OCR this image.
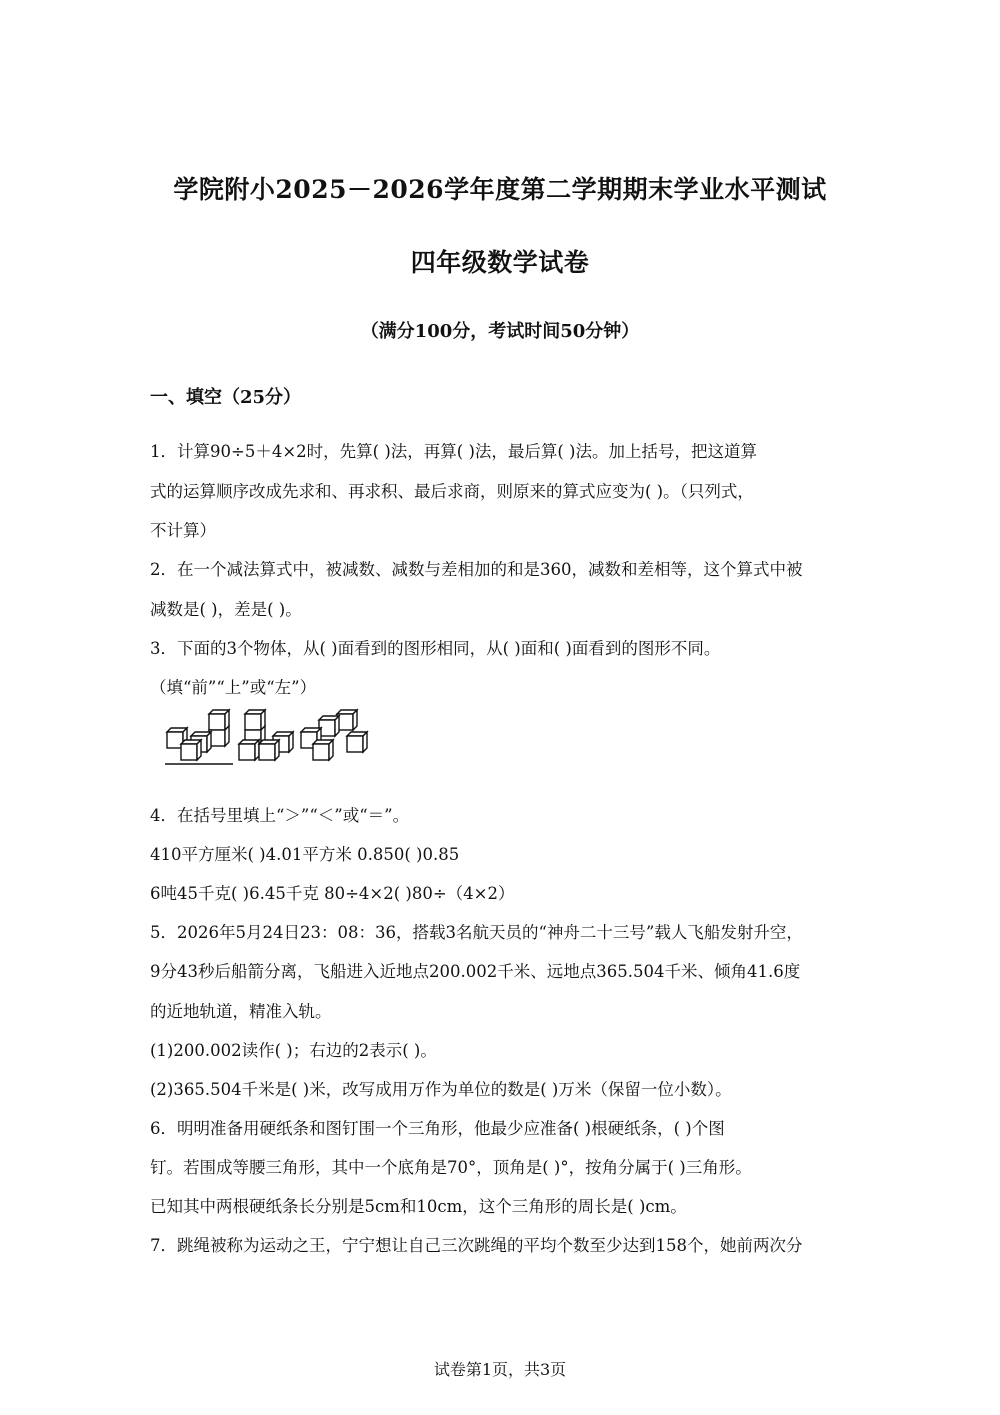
学院附小2025－2026学年度第二学期期末学业水平测试
四年级数学试卷
（满分100分，考试时间50分钟）
一、填空（25分）
1．计算90÷5＋4×2时，先算( )法，再算( )法，最后算( )法。加上括号，把这道算
式的运算顺序改成先求和、再求积、最后求商，则原来的算式应变为( )。（只列式，
不计算）
2．在一个减法算式中，被减数、减数与差相加的和是360，减数和差相等，这个算式中被
减数是( )，差是( )。
3．下面的3个物体，从( )面看到的图形相同，从( )面和( )面看到的图形不同。
（填“前”“上”或“左”）
4．在括号里填上“＞”“＜”或“＝”。
410平方厘米( )4.01平方米 0.850( )0.85
6吨45千克( )6.45千克 80÷4×2( )80÷（4×2）
5．2026年5月24日23：08：36，搭载3名航天员的“神舟二十三号”载人飞船发射升空，
9分43秒后船箭分离，飞船进入近地点200.002千米、远地点365.504千米、倾角41.6度
的近地轨道，精准入轨。
(1)200.002读作( )；右边的2表示( )。
(2)365.504千米是( )米，改写成用万作为单位的数是( )万米（保留一位小数）。
6．明明准备用硬纸条和图钉围一个三角形，他最少应准备( )根硬纸条，( )个图
钉。若围成等腰三角形，其中一个底角是70°，顶角是( )°，按角分属于( )三角形。
已知其中两根硬纸条长分别是5cm和10cm，这个三角形的周长是( )cm。
7．跳绳被称为运动之王，宁宁想让自己三次跳绳的平均个数至少达到158个，她前两次分
试卷第1页，共3页
